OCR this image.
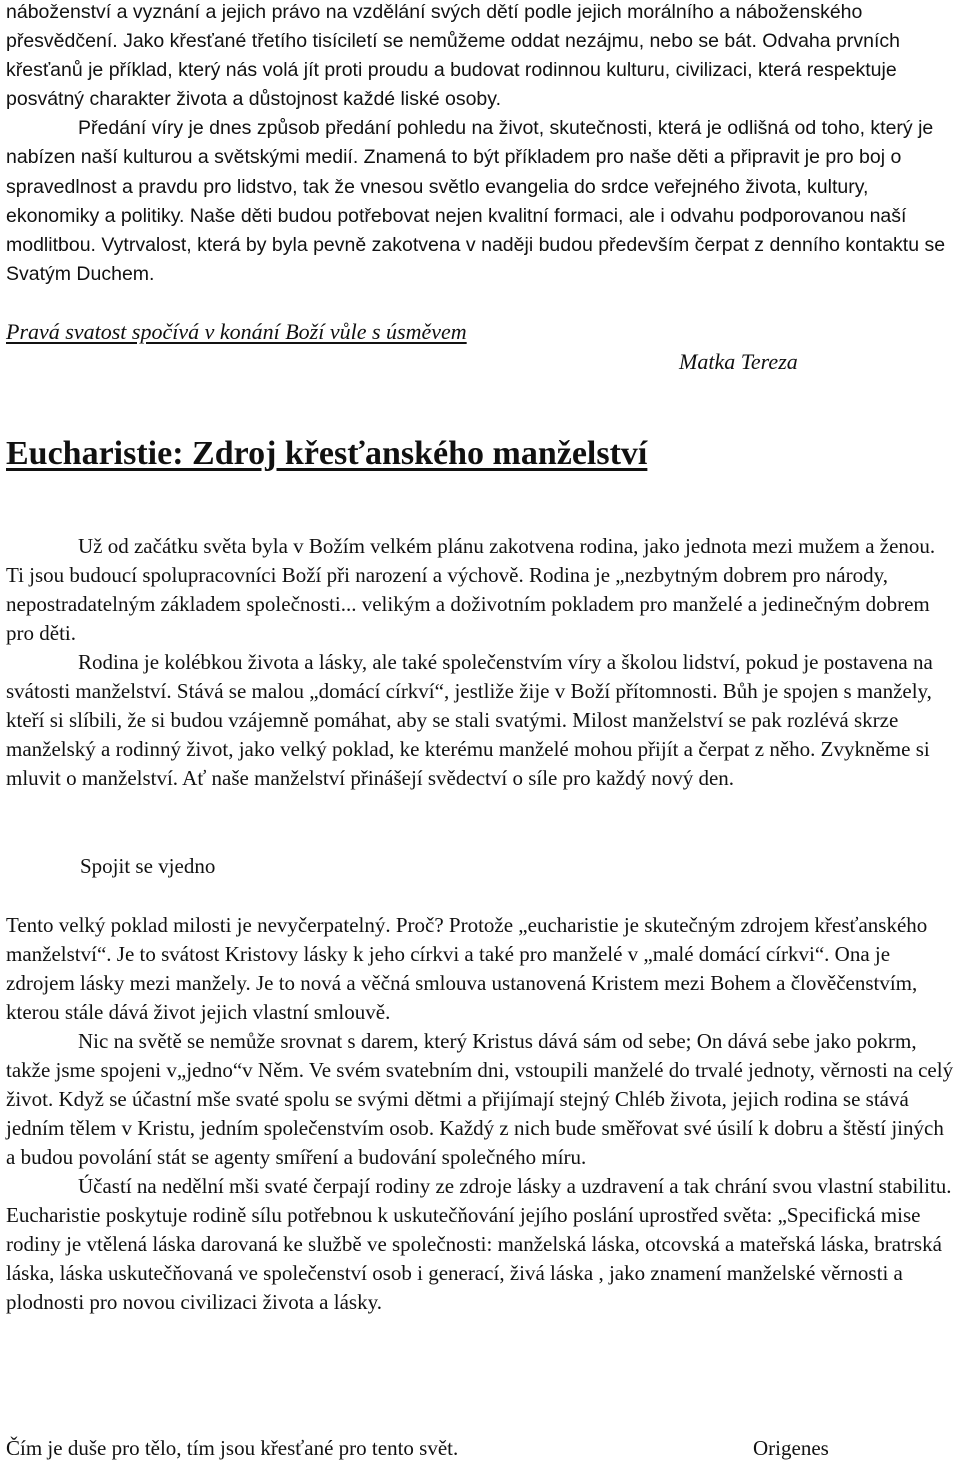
náboženství a vyznání a jejich právo na vzdělání svých dětí podle jejich morálního a náboženského přesvědčení. Jako křesťané třetího tisíciletí se nemůžeme oddat nezájmu, nebo se bát. Odvaha prvních křesťanů je příklad, který nás volá jít proti proudu a budovat rodinnou kulturu, civilizaci, která respektuje posvátný charakter života a důstojnost každé liské osoby.

Předání víry je dnes způsob předání pohledu na život, skutečnosti, která je odlišná od toho, který je nabízen naší kulturou a světskými medií. Znamená to být příkladem pro naše děti a připravit je pro boj o spravedlnost a pravdu pro lidstvo, tak že vnesou světlo evangelia do srdce veřejného života, kultury, ekonomiky a politiky. Naše děti budou potřebovat nejen kvalitní formaci, ale i odvahu podporovanou naší modlitbou. Vytrvalost, která by byla pevně zakotvena v naději budou především čerpat z denního kontaktu se Svatým Duchem.

Pravá svatost spočívá v konání Boží vůle s úsměvem

Matka Tereza

Eucharistie: Zdroj křesťanského manželství

Už od začátku světa byla v Božím velkém plánu zakotvena rodina, jako jednota mezi mužem a ženou. Ti jsou budoucí spolupracovníci Boží při narození a výchově. Rodina je „nezbytným dobrem pro národy, nepostradatelným základem společnosti... velikým a doživotním pokladem pro manželé a jedinečným dobrem pro děti.

Rodina je kolébkou života a lásky, ale také společenstvím víry a školou lidství, pokud je postavena na svátosti manželství. Stává se malou „domácí církví“, jestliže žije v Boží přítomnosti. Bůh je spojen s manžely, kteří si slíbili, že si budou vzájemně pomáhat, aby se stali svatými. Milost manželství se pak rozlévá skrze manželský a rodinný život, jako velký poklad, ke kterému manželé mohou přijít a čerpat z něho. Zvykněme si mluvit o manželství. Ať naše manželství přinášejí svědectví o síle pro každý nový den.

Spojit se vjedno

Tento velký poklad milosti je nevyčerpatelný. Proč? Protože „eucharistie je skutečným zdrojem křesťanského manželství“. Je to svátost Kristovy lásky k jeho církvi a také pro manželé v „malé domácí církvi“. Ona je zdrojem lásky mezi manžely. Je to nová a věčná smlouva ustanovená Kristem mezi Bohem a člověčenstvím, kterou stále dává život jejich vlastní smlouvě.

Nic na světě se nemůže srovnat s darem, který Kristus dává sám od sebe; On dává sebe jako pokrm, takže jsme spojeni v„jedno“v Něm. Ve svém svatebním dni, vstoupili manželé do trvalé jednoty, věrnosti na celý život. Když se účastní mše svaté spolu se svými dětmi a přijímají stejný Chléb života, jejich rodina se stává jedním tělem v Kristu, jedním společenstvím osob. Každý z nich bude směřovat své úsilí k dobru a štěstí jiných a budou povolání stát se agenty smíření a budování společného míru.

Účastí na nedělní mši svaté čerpají rodiny ze zdroje lásky a uzdravení a tak chrání svou vlastní stabilitu. Eucharistie poskytuje rodině sílu potřebnou k uskutečňování jejího poslání uprostřed světa: „Specifická mise rodiny je vtělená láska darovaná ke službě ve společnosti: manželská láska, otcovská a mateřská láska, bratrská láska, láska uskutečňovaná ve společenství osob i generací, živá láska , jako znamení manželské věrnosti a plodnosti pro novou civilizaci života a lásky.

Čím je duše pro tělo, tím jsou křesťané pro tento svět.	Origenes
